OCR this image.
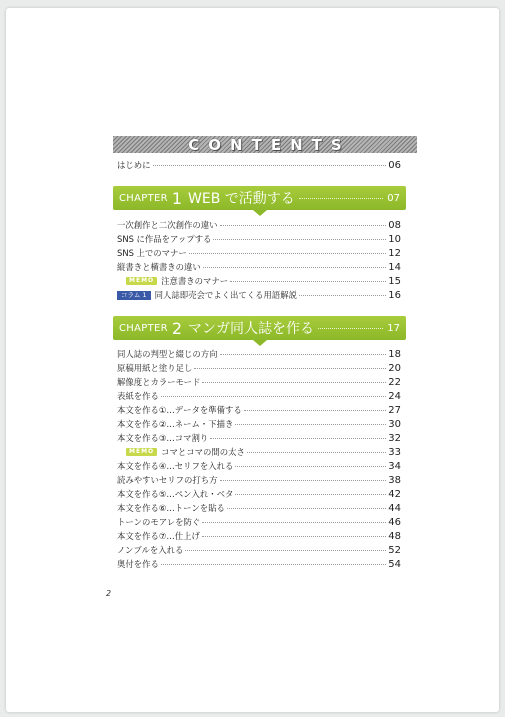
CONTENTS
はじめに	06
CHAPTER 1 WEB で活動する	07
一次創作と二次創作の違い	08
SNS に作品をアップする	10
SNS 上でのマナー	12
縦書きと横書きの違い	14
MEMO 注意書きのマナー	15
コラム 1 同人誌即売会でよく出てくる用語解説	16
CHAPTER 2 マンガ同人誌を作る	17
同人誌の判型と綴じの方向	18
原稿用紙と塗り足し	20
解像度とカラーモード	22
表紙を作る	24
本文を作る①…データを準備する	27
本文を作る②…ネーム・下描き	30
本文を作る③…コマ割り	32
MEMO コマとコマの間の太さ	33
本文を作る④…セリフを入れる	34
読みやすいセリフの打ち方	38
本文を作る⑤…ペン入れ・ベタ	42
本文を作る⑥…トーンを貼る	44
トーンのモアレを防ぐ	46
本文を作る⑦…仕上げ	48
ノンブルを入れる	52
奥付を作る	54
2
